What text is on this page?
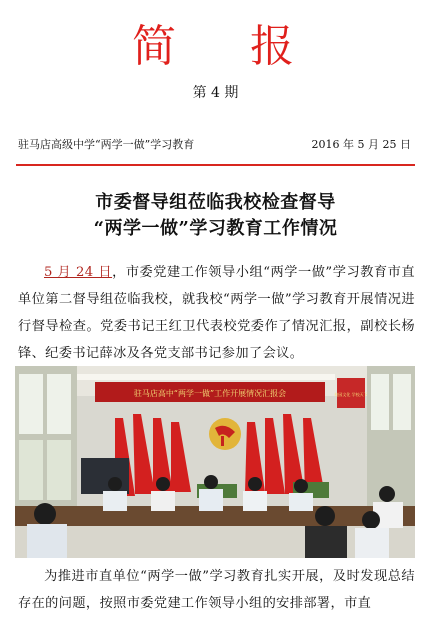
简 报
第 4 期
驻马店高级中学“两学一做”学习教育	2016 年 5 月 25 日
市委督导组莅临我校检查督导
“两学一做”学习教育工作情况
5 月 24 日，市委党建工作领导小组“两学一做”学习教育市直单位第二督导组莅临我校，就我校“两学一做”学习教育开展情况进行督导检查。党委书记王红卫代表校党委作了情况汇报，副校长杨锋、纪委书记薛冰及各党支部书记参加了会议。
驻马店高中“两学一做”工作开展情况汇报会	校园文化 学校天下
为推进市直单位“两学一做”学习教育扎实开展，及时发现总结存在的问题，按照市委党建工作领导小组的安排部署，市直
